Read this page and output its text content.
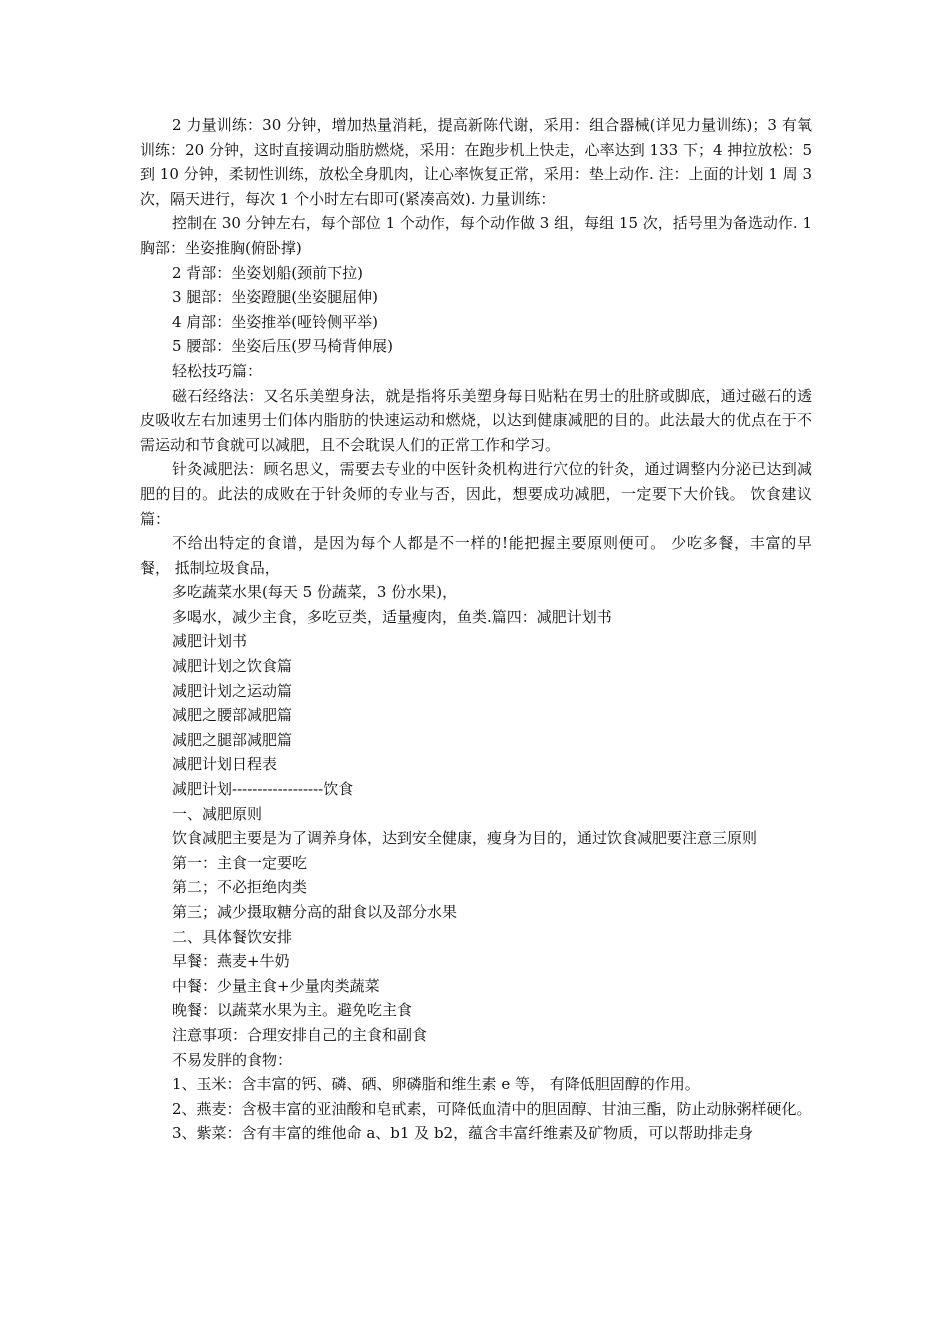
2 力量训练：30 分钟，增加热量消耗，提高新陈代谢，采用：组合器械(详见力量训练)；3 有氧训练：20 分钟，这时直接调动脂肪燃烧，采用：在跑步机上快走，心率达到 133 下；4 抻拉放松：5 到 10 分钟，柔韧性训练，放松全身肌肉，让心率恢复正常，采用：垫上动作. 注：上面的计划 1 周 3 次，隔天进行，每次 1 个小时左右即可(紧凑高效). 力量训练：

控制在 30 分钟左右，每个部位 1 个动作，每个动作做 3 组，每组 15 次，括号里为备选动作. 1 胸部：坐姿推胸(俯卧撑)

2 背部：坐姿划船(颈前下拉)

3 腿部：坐姿蹬腿(坐姿腿屈伸)

4 肩部：坐姿推举(哑铃侧平举)

5 腰部：坐姿后压(罗马椅背伸展)

轻松技巧篇：

磁石经络法：又名乐美塑身法，就是指将乐美塑身每日贴粘在男士的肚脐或脚底，通过磁石的透皮吸收左右加速男士们体内脂肪的快速运动和燃烧，以达到健康减肥的目的。此法最大的优点在于不需运动和节食就可以减肥，且不会耽误人们的正常工作和学习。

针灸减肥法：顾名思义，需要去专业的中医针灸机构进行穴位的针灸，通过调整内分泌已达到减肥的目的。此法的成败在于针灸师的专业与否，因此，想要成功减肥，一定要下大价钱。 饮食建议篇：

不给出特定的食谱，是因为每个人都是不一样的!能把握主要原则便可。 少吃多餐，丰富的早餐， 抵制垃圾食品，

多吃蔬菜水果(每天 5 份蔬菜，3 份水果)，

多喝水，减少主食，多吃豆类，适量瘦肉，鱼类.篇四：减肥计划书

减肥计划书

减肥计划之饮食篇

减肥计划之运动篇

减肥之腰部减肥篇

减肥之腿部减肥篇

减肥计划日程表

减肥计划------------------饮食

一、减肥原则

饮食减肥主要是为了调养身体，达到安全健康，瘦身为目的，通过饮食减肥要注意三原则

第一：主食一定要吃

第二；不必拒绝肉类

第三；减少摄取糖分高的甜食以及部分水果

二、具体餐饮安排

早餐：燕麦+牛奶

中餐：少量主食+少量肉类蔬菜

晚餐：以蔬菜水果为主。避免吃主食

注意事项：合理安排自己的主食和副食

不易发胖的食物：

1、玉米：含丰富的钙、磷、硒、卵磷脂和维生素 e 等， 有降低胆固醇的作用。

2、燕麦：含极丰富的亚油酸和皂甙素，可降低血清中的胆固醇、甘油三酯，防止动脉粥样硬化。

3、紫菜：含有丰富的维他命 a、b1 及 b2，蕴含丰富纤维素及矿物质，可以帮助排走身
